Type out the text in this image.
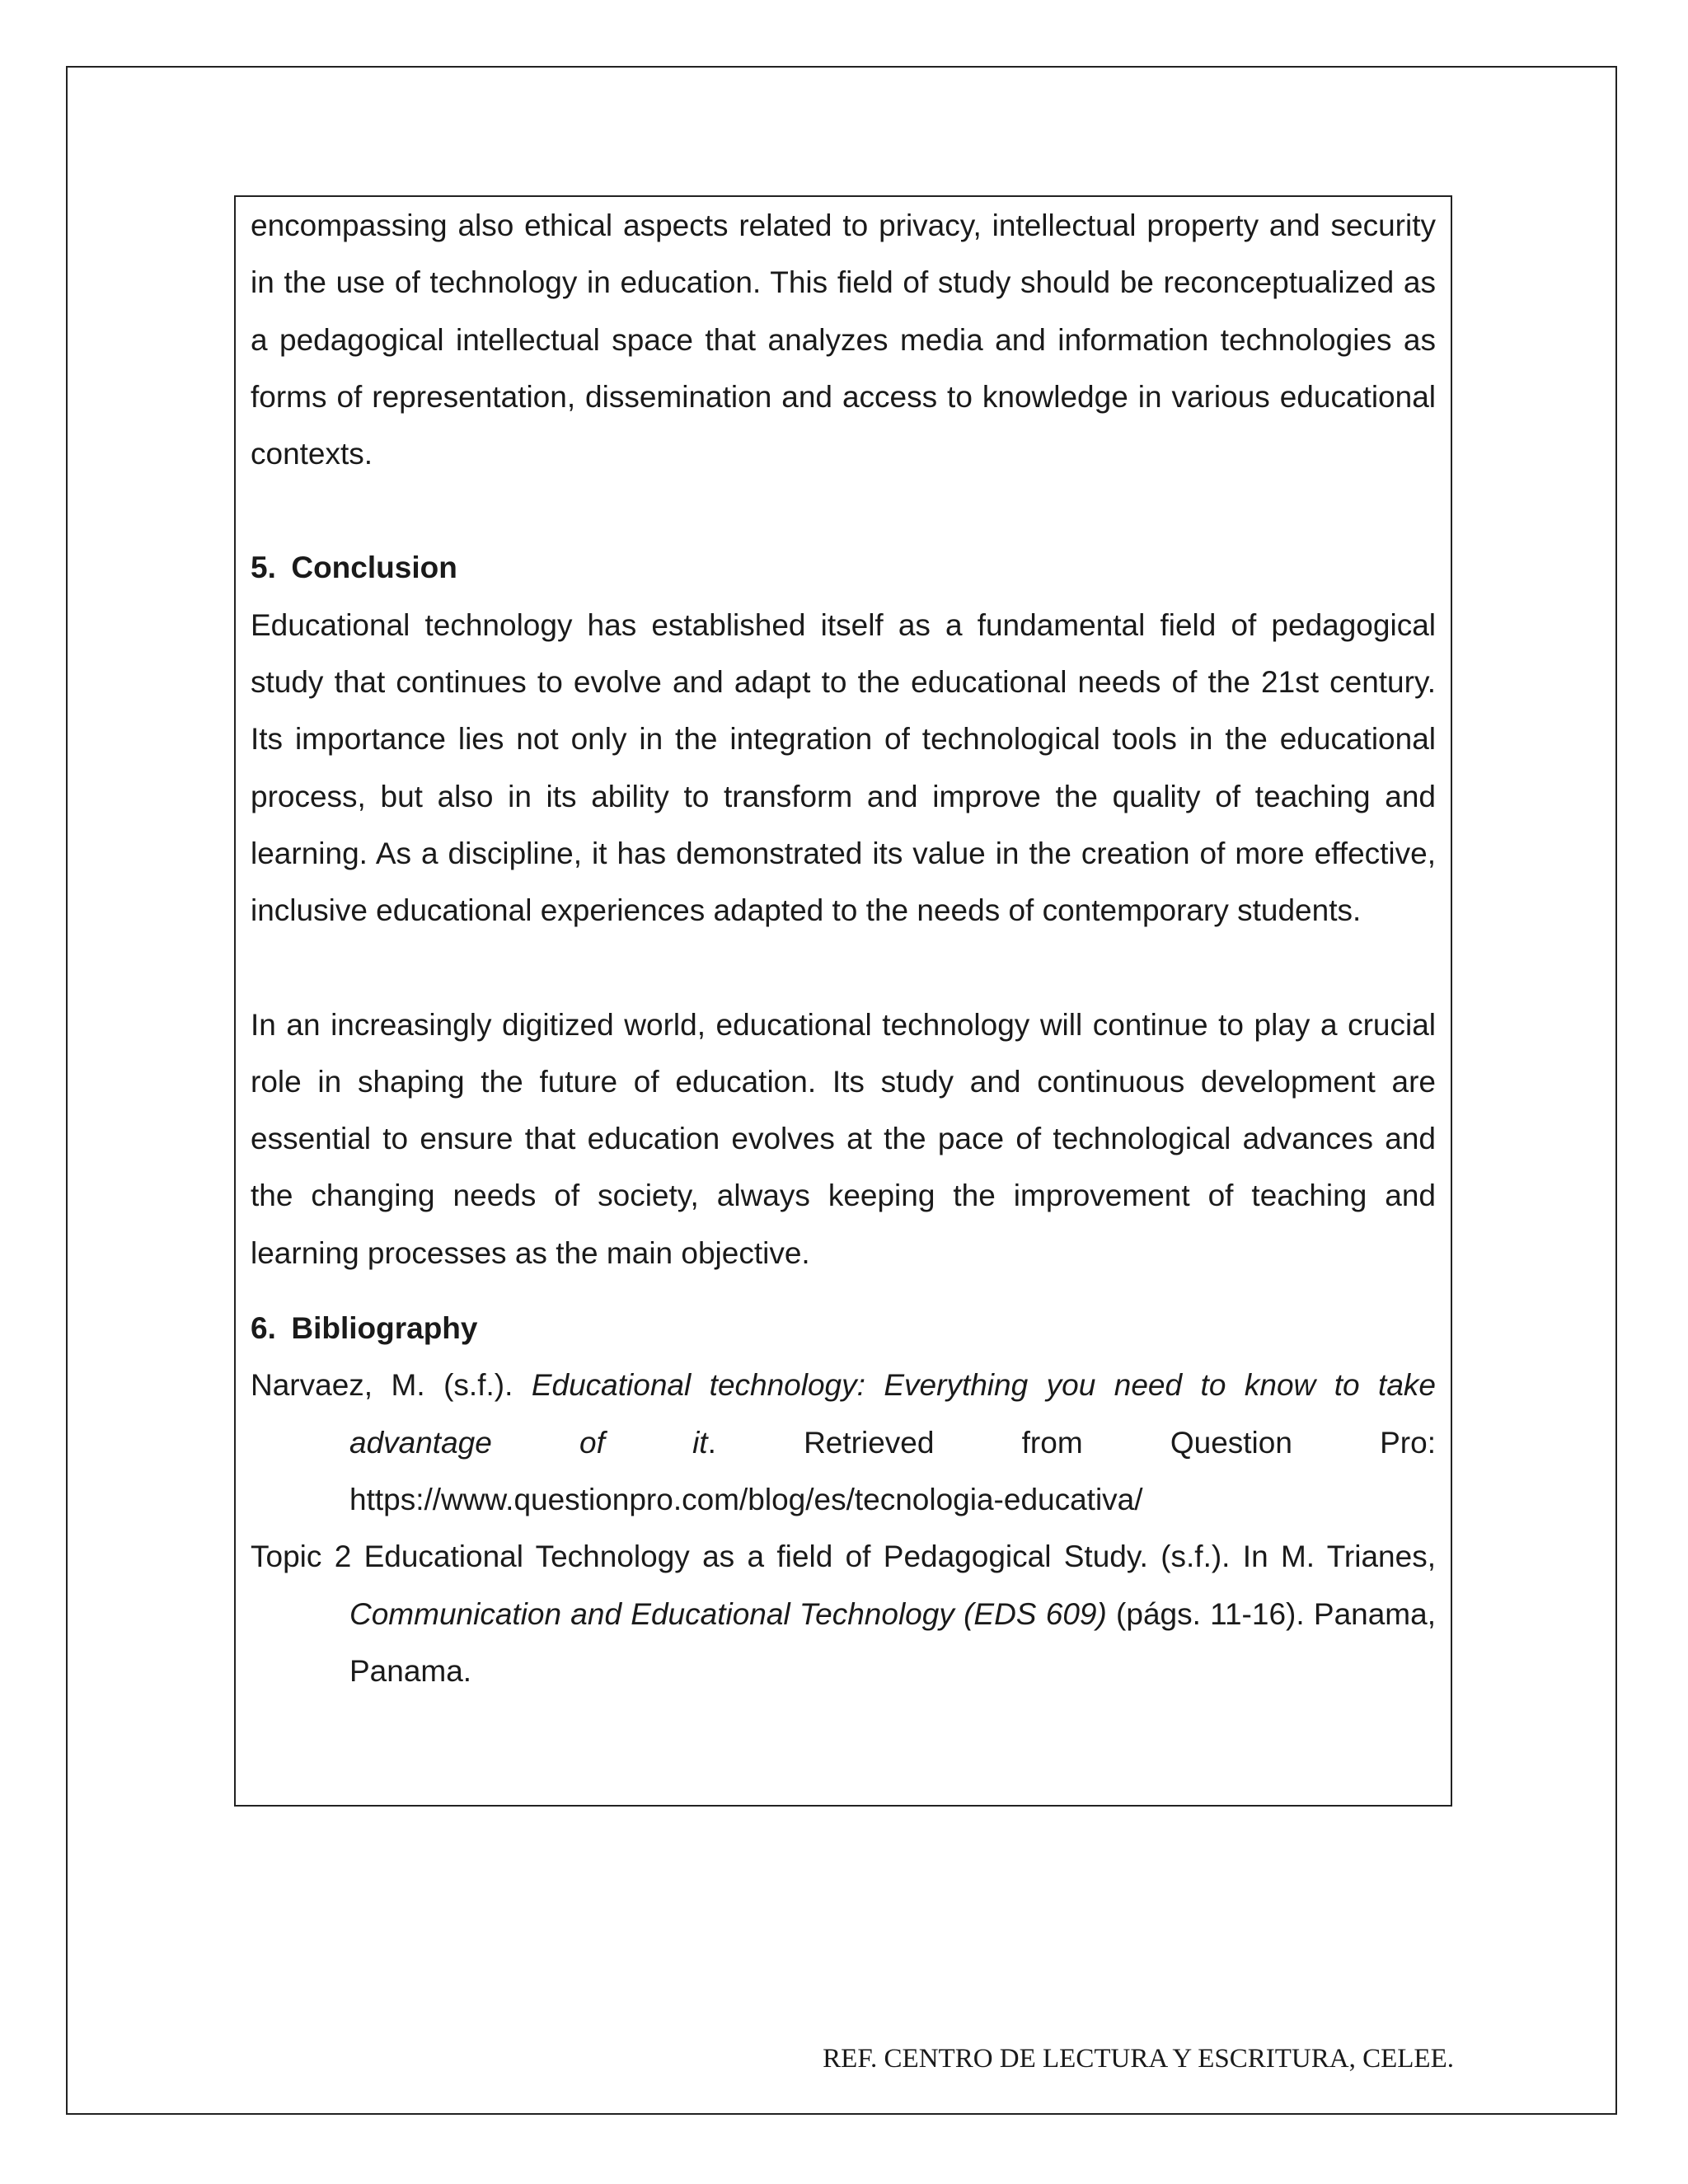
encompassing also ethical aspects related to privacy, intellectual property and security in the use of technology in education. This field of study should be reconceptualized as a pedagogical intellectual space that analyzes media and information technologies as forms of representation, dissemination and access to knowledge in various educational contexts.

5. Conclusion

Educational technology has established itself as a fundamental field of pedagogical study that continues to evolve and adapt to the educational needs of the 21st century. Its importance lies not only in the integration of technological tools in the educational process, but also in its ability to transform and improve the quality of teaching and learning. As a discipline, it has demonstrated its value in the creation of more effective, inclusive educational experiences adapted to the needs of contemporary students.

In an increasingly digitized world, educational technology will continue to play a crucial role in shaping the future of education. Its study and continuous development are essential to ensure that education evolves at the pace of technological advances and the changing needs of society, always keeping the improvement of teaching and learning processes as the main objective.

6. Bibliography

Narvaez, M. (s.f.). Educational technology: Everything you need to know to take advantage of it. Retrieved from Question Pro: https://www.questionpro.com/blog/es/tecnologia-educativa/

Topic 2 Educational Technology as a field of Pedagogical Study. (s.f.). In M. Trianes, Communication and Educational Technology (EDS 609) (págs. 11-16). Panama, Panama.

REF. CENTRO DE LECTURA Y ESCRITURA, CELEE.
